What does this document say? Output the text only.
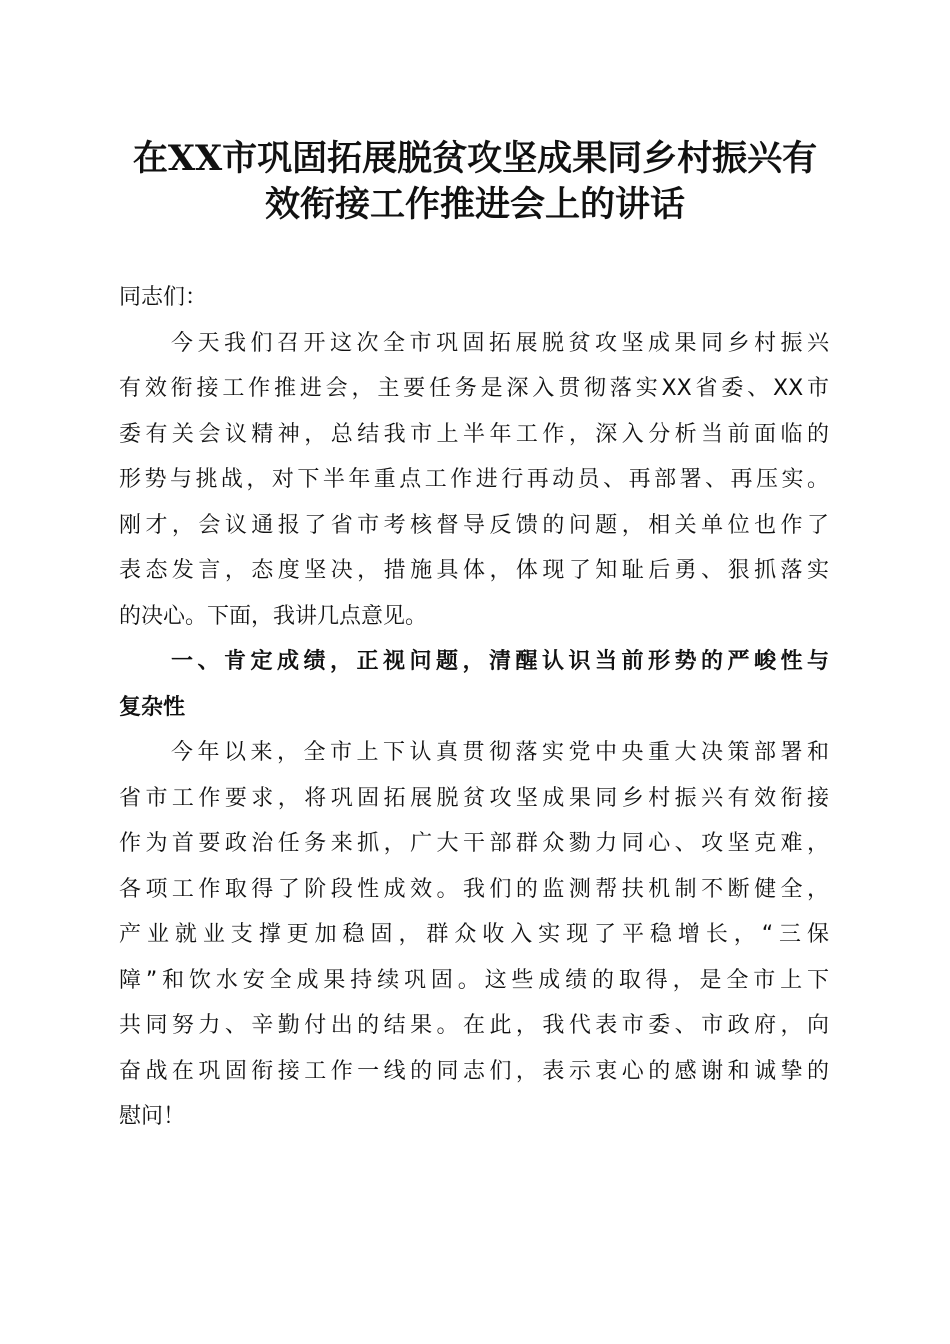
在XX市巩固拓展脱贫攻坚成果同乡村振兴有
效衔接工作推进会上的讲话
同志们：
今天我们召开这次全市巩固拓展脱贫攻坚成果同乡村振兴
有效衔接工作推进会，主要任务是深入贯彻落实XX省委、XX市
委有关会议精神，总结我市上半年工作，深入分析当前面临的
形势与挑战，对下半年重点工作进行再动员、再部署、再压实。
刚才，会议通报了省市考核督导反馈的问题，相关单位也作了
表态发言，态度坚决，措施具体，体现了知耻后勇、狠抓落实
的决心。下面，我讲几点意见。
一、肯定成绩，正视问题，清醒认识当前形势的严峻性与
复杂性
今年以来，全市上下认真贯彻落实党中央重大决策部署和
省市工作要求，将巩固拓展脱贫攻坚成果同乡村振兴有效衔接
作为首要政治任务来抓，广大干部群众勠力同心、攻坚克难，
各项工作取得了阶段性成效。我们的监测帮扶机制不断健全，
产业就业支撑更加稳固，群众收入实现了平稳增长，“三保
障”和饮水安全成果持续巩固。这些成绩的取得，是全市上下
共同努力、辛勤付出的结果。在此，我代表市委、市政府，向
奋战在巩固衔接工作一线的同志们，表示衷心的感谢和诚挚的
慰问！
